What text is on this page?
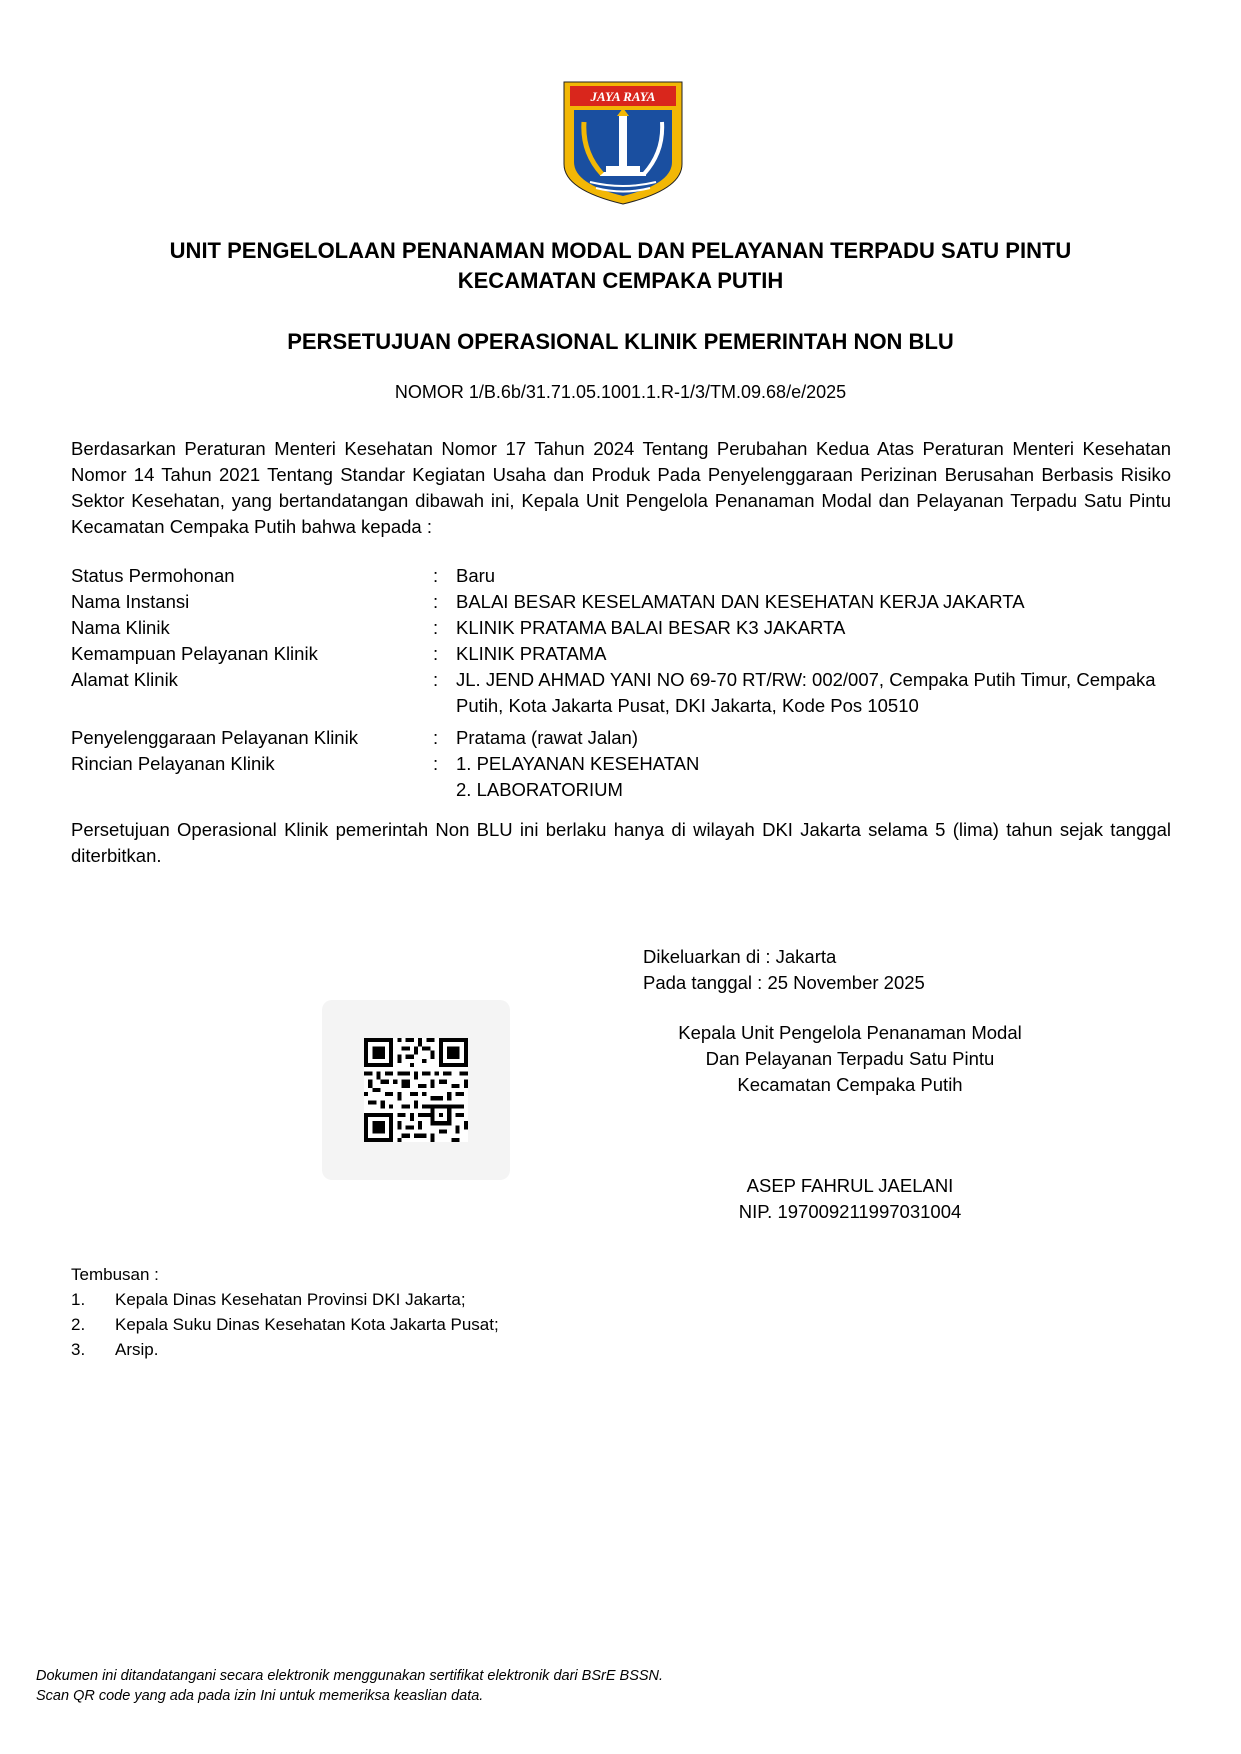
JAYA RAYA
UNIT PENGELOLAAN PENANAMAN MODAL DAN PELAYANAN TERPADU SATU PINTU
KECAMATAN CEMPAKA PUTIH
PERSETUJUAN OPERASIONAL KLINIK PEMERINTAH NON BLU
NOMOR 1/B.6b/31.71.05.1001.1.R-1/3/TM.09.68/e/2025
Berdasarkan Peraturan Menteri Kesehatan Nomor 17 Tahun 2024 Tentang Perubahan Kedua Atas Peraturan Menteri Kesehatan Nomor 14 Tahun 2021 Tentang Standar Kegiatan Usaha dan Produk Pada Penyelenggaraan Perizinan Berusahan Berbasis Risiko Sektor Kesehatan, yang bertandatangan dibawah ini, Kepala Unit Pengelola Penanaman Modal dan Pelayanan Terpadu Satu Pintu Kecamatan Cempaka Putih bahwa kepada :
Status Permohonan	: Baru
Nama Instansi	: BALAI BESAR KESELAMATAN DAN KESEHATAN KERJA JAKARTA
Nama Klinik	: KLINIK PRATAMA BALAI BESAR K3 JAKARTA
Kemampuan Pelayanan Klinik	: KLINIK PRATAMA
Alamat Klinik	: JL. JEND AHMAD YANI NO 69-70 RT/RW: 002/007, Cempaka Putih Timur, Cempaka Putih, Kota Jakarta Pusat, DKI Jakarta, Kode Pos 10510
Penyelenggaraan Pelayanan Klinik	: Pratama (rawat Jalan)
Rincian Pelayanan Klinik	: 1. PELAYANAN KESEHATAN
2. LABORATORIUM
Persetujuan Operasional Klinik pemerintah Non BLU ini berlaku hanya di wilayah DKI Jakarta selama 5 (lima) tahun sejak tanggal diterbitkan.
Dikeluarkan di : Jakarta
Pada tanggal : 25 November 2025
Kepala Unit Pengelola Penanaman Modal
Dan Pelayanan Terpadu Satu Pintu
Kecamatan Cempaka Putih
ASEP FAHRUL JAELANI
NIP. 197009211997031004
Tembusan :
1.	Kepala Dinas Kesehatan Provinsi DKI Jakarta;
2.	Kepala Suku Dinas Kesehatan Kota Jakarta Pusat;
3.	Arsip.
Dokumen ini ditandatangani secara elektronik menggunakan sertifikat elektronik dari BSrE BSSN.
Scan QR code yang ada pada izin Ini untuk memeriksa keaslian data.
